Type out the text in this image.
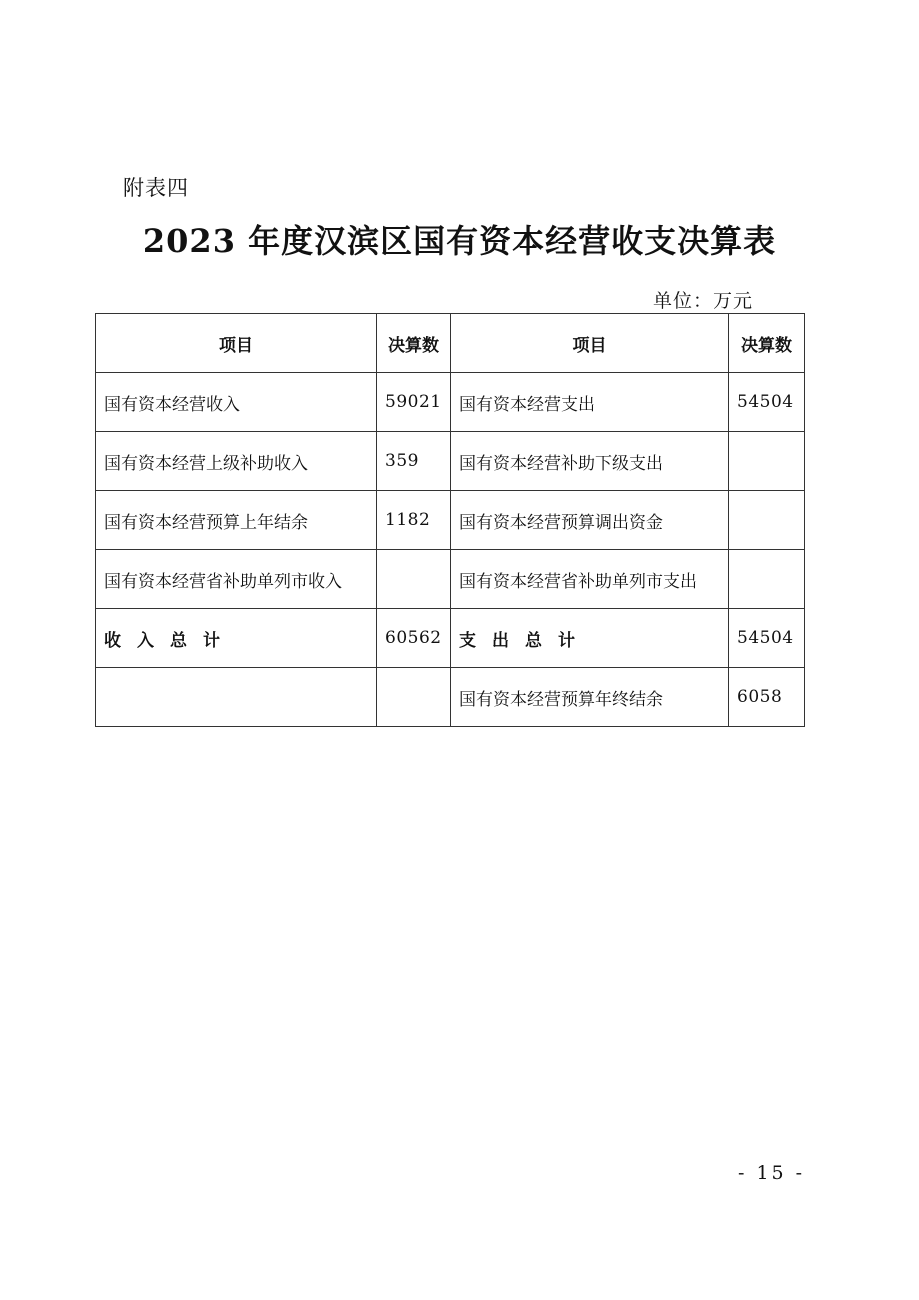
附表四
2023 年度汉滨区国有资本经营收支决算表
单位：万元
项目	决算数	项目	决算数
国有资本经营收入	59021	国有资本经营支出	54504
国有资本经营上级补助收入	359	国有资本经营补助下级支出	
国有资本经营预算上年结余	1182	国有资本经营预算调出资金	
国有资本经营省补助单列市收入		国有资本经营省补助单列市支出	
收入总计	60562	支出总计	54504
		国有资本经营预算年终结余	6058
- 15 -
